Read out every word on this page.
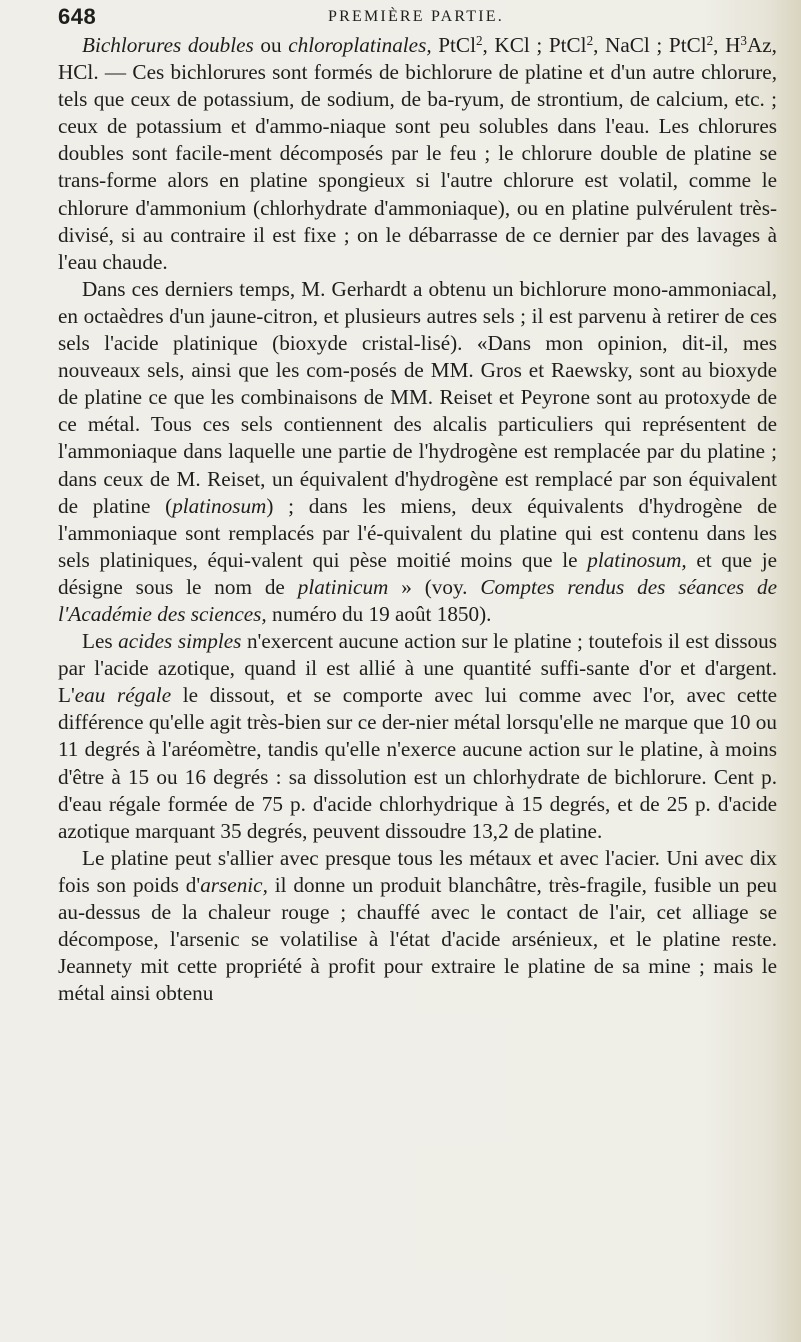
648	PREMIÈRE PARTIE.

Bichlorures doubles ou chloroplatinales, PtCl$^2$, KCl ; PtCl$^2$, NaCl ; PtCl$^2$, $H^3Az$, HCl. — Ces bichlorures sont formés de bichlorure de platine et d'un autre chlorure, tels que ceux de potassium, de sodium, de ba-ryum, de strontium, de calcium, etc. ; ceux de potassium et d'ammo-niaque sont peu solubles dans l'eau. Les chlorures doubles sont facile-ment décomposés par le feu ; le chlorure double de platine se trans-forme alors en platine spongieux si l'autre chlorure est volatil, comme le chlorure d'ammonium (chlorhydrate d'ammoniaque), ou en platine pulvérulent très-divisé, si au contraire il est fixe ; on le débarrasse de ce dernier par des lavages à l'eau chaude.

Dans ces derniers temps, M. Gerhardt a obtenu un bichlorure mono-ammoniacal, en octaèdres d'un jaune-citron, et plusieurs autres sels ; il est parvenu à retirer de ces sels l'acide platinique (bioxyde cristal-lisé). «Dans mon opinion, dit-il, mes nouveaux sels, ainsi que les com-posés de MM. Gros et Raewsky, sont au bioxyde de platine ce que les combinaisons de MM. Reiset et Peyrone sont au protoxyde de ce métal. Tous ces sels contiennent des alcalis particuliers qui représentent de l'ammoniaque dans laquelle une partie de l'hydrogène est remplacée par du platine ; dans ceux de M. Reiset, un équivalent d'hydrogène est remplacé par son équivalent de platine (platinosum) ; dans les miens, deux équivalents d'hydrogène de l'ammoniaque sont remplacés par l'é-quivalent du platine qui est contenu dans les sels platiniques, équi-valent qui pèse moitié moins que le platinosum, et que je désigne sous le nom de platinicum » (voy. Comptes rendus des séances de l'Académie des sciences, numéro du 19 août 1850).

Les acides simples n'exercent aucune action sur le platine ; toutefois il est dissous par l'acide azotique, quand il est allié à une quantité suffi-sante d'or et d'argent. L'eau régale le dissout, et se comporte avec lui comme avec l'or, avec cette différence qu'elle agit très-bien sur ce der-nier métal lorsqu'elle ne marque que 10 ou 11 degrés à l'aréomètre, tandis qu'elle n'exerce aucune action sur le platine, à moins d'être à 15 ou 16 degrés : sa dissolution est un chlorhydrate de bichlorure. Cent p. d'eau régale formée de 75 p. d'acide chlorhydrique à 15 degrés, et de 25 p. d'acide azotique marquant 35 degrés, peuvent dissoudre 13,2 de platine.

Le platine peut s'allier avec presque tous les métaux et avec l'acier. Uni avec dix fois son poids d'arsenic, il donne un produit blanchâtre, très-fragile, fusible un peu au-dessus de la chaleur rouge ; chauffé avec le contact de l'air, cet alliage se décompose, l'arsenic se volatilise à l'état d'acide arsénieux, et le platine reste. Jeannety mit cette propriété à profit pour extraire le platine de sa mine ; mais le métal ainsi obtenu
